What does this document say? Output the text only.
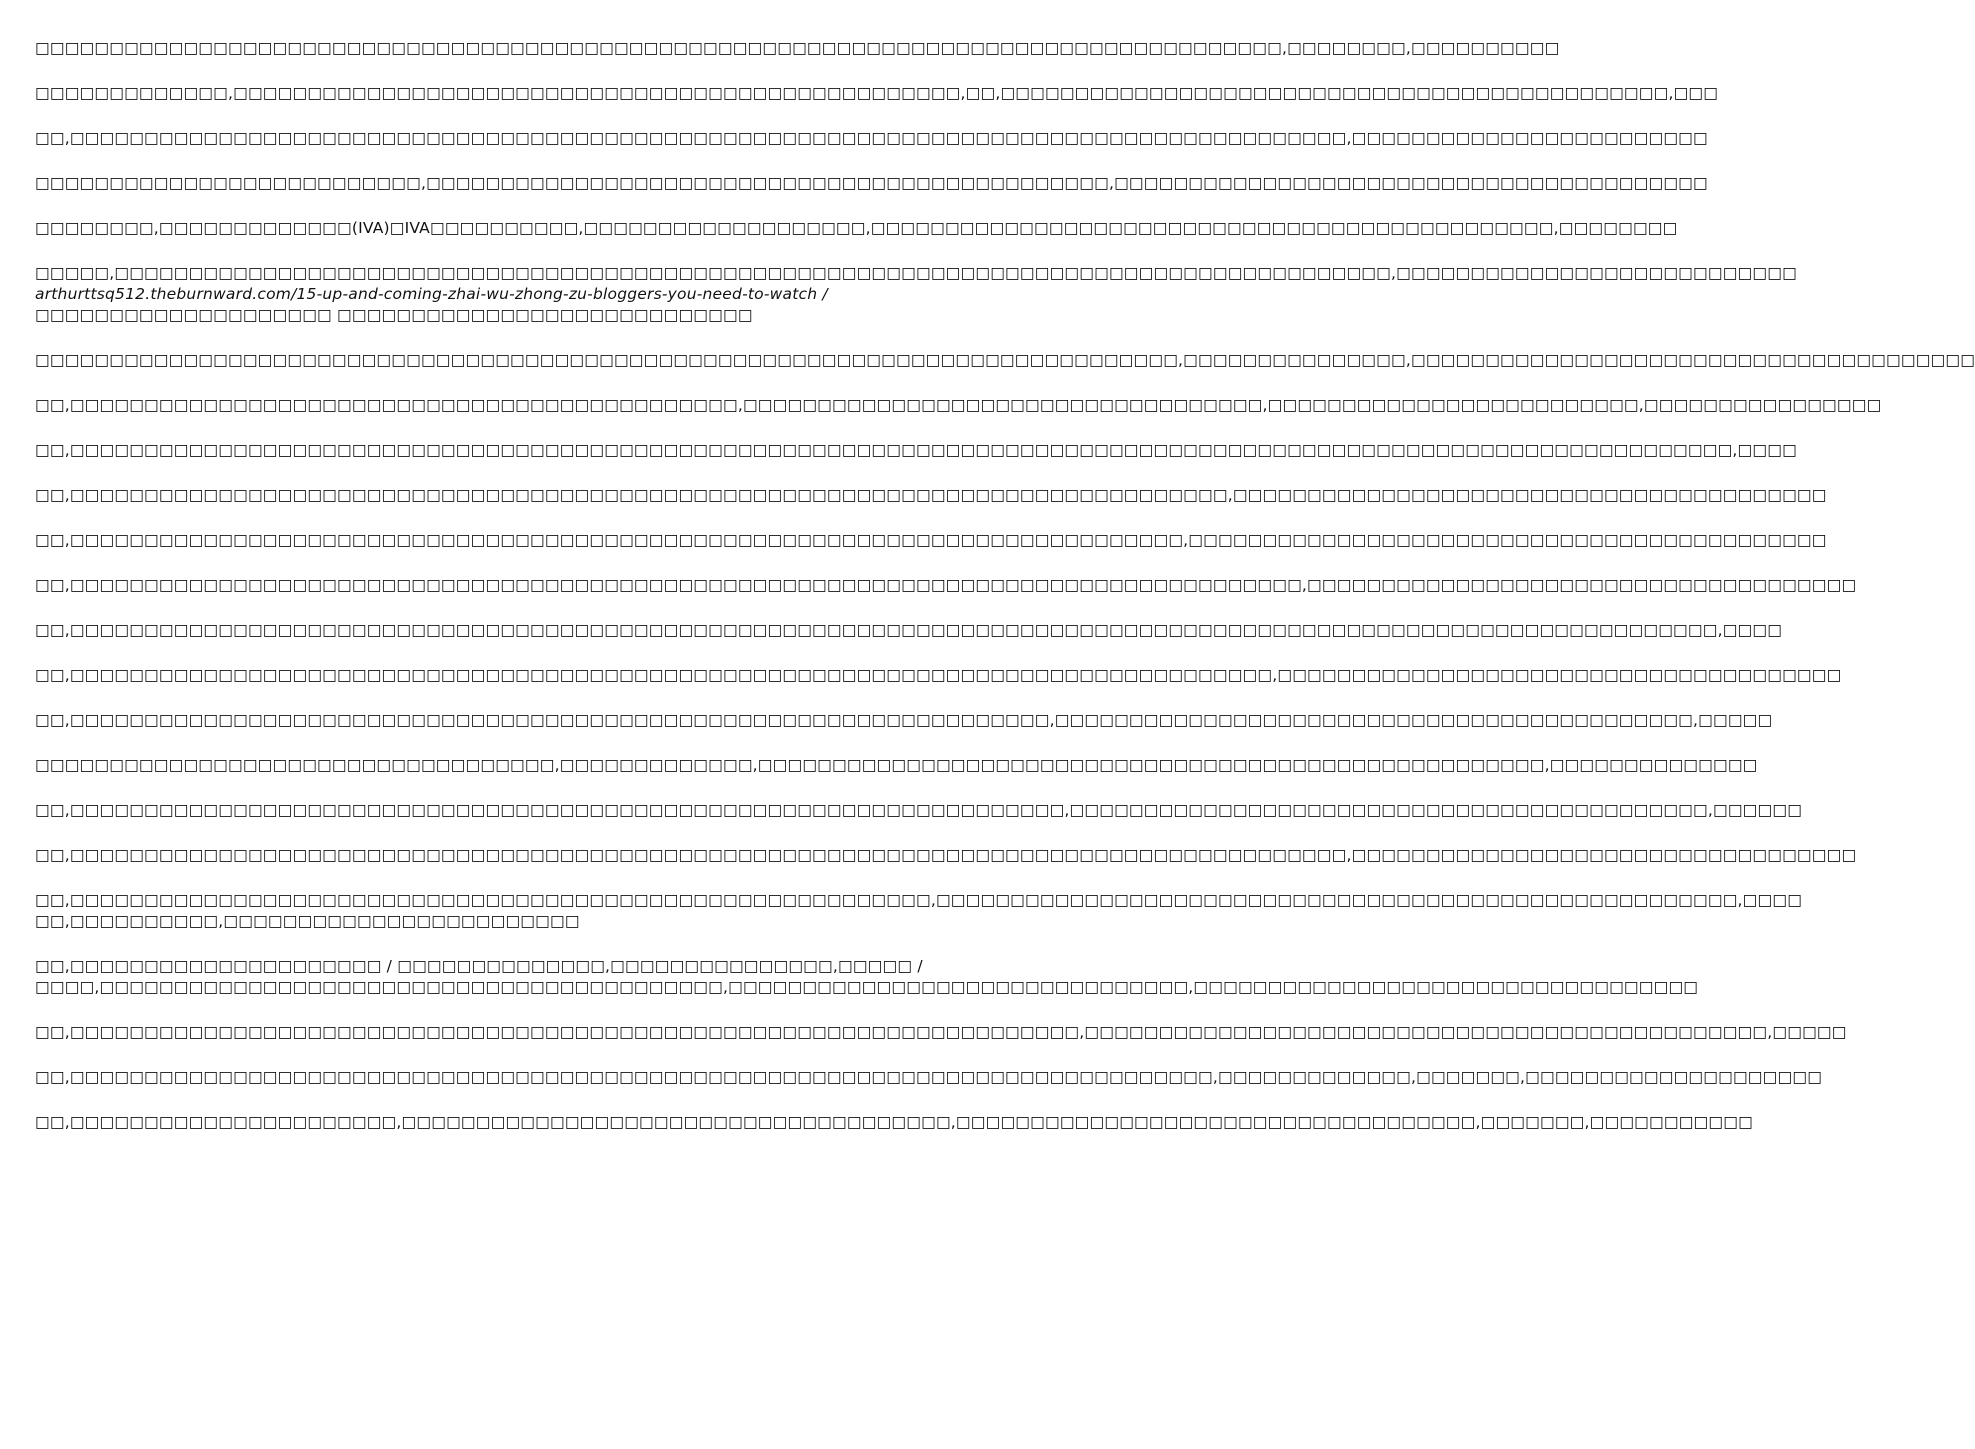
□□□□□□□□□□□□□□□□□□□□□□□□□□□□□□□□□□□□□□□□□□□□□□□□□□□□□□□□□□□□□□□□□□□□□□□□□□□□□□□□□□□□,□□□□□□□□,□□□□□□□□□□
□□□□□□□□□□□□□,□□□□□□□□□□□□□□□□□□□□□□□□□□□□□□□□□□□□□□□□□□□□□□□□□,□□,□□□□□□□□□□□□□□□□□□□□□□□□□□□□□□□□□□□□□□□□□□□□□,□□□
□□,□□□□□□□□□□□□□□□□□□□□□□□□□□□□□□□□□□□□□□□□□□□□□□□□□□□□□□□□□□□□□□□□□□□□□□□□□□□□□□□□□□□□□□,□□□□□□□□□□□□□□□□□□□□□□□□
□□□□□□□□□□□□□□□□□□□□□□□□□□,□□□□□□□□□□□□□□□□□□□□□□□□□□□□□□□□□□□□□□□□□□□□□□,□□□□□□□□□□□□□□□□□□□□□□□□□□□□□□□□□□□□□□□□
□□□□□□□□,□□□□□□□□□□□□□(IVA)□IVA□□□□□□□□□□,□□□□□□□□□□□□□□□□□□□,□□□□□□□□□□□□□□□□□□□□□□□□□□□□□□□□□□□□□□□□□□□□□□,□□□□□□□□
□□□□□,□□□□□□□□□□□□□□□□□□□□□□□□□□□□□□□□□□□□□□□□□□□□□□□□□□□□□□□□□□□□□□□□□□□□□□□□□□□□□□□□□□□□□□,□□□□□□□□□□□□□□□□□□□□□□□□□□□
arthurttsq512.theburnward.com/15-up-and-coming-zhai-wu-zhong-zu-bloggers-you-need-to-watch /
□□□□□□□□□□□□□□□□□□□□ □□□□□□□□□□□□□□□□□□□□□□□□□□□□
□□□□□□□□□□□□□□□□□□□□□□□□□□□□□□□□□□□□□□□□□□□□□□□□□□□□□□□□□□□□□□□□□□□□□□□□□□□□□,□□□□□□□□□□□□□□□,□□□□□□□□□□□□□□□□□□□□□□□□□□□□□□□□□□□□□□
□□,□□□□□□□□□□□□□□□□□□□□□□□□□□□□□□□□□□□□□□□□□□□□□,□□□□□□□□□□□□□□□□□□□□□□□□□□□□□□□□□□□,□□□□□□□□□□□□□□□□□□□□□□□□□,□□□□□□□□□□□□□□□□
□□,□□□□□□□□□□□□□□□□□□□□□□□□□□□□□□□□□□□□□□□□□□□□□□□□□□□□□□□□□□□□□□□□□□□□□□□□□□□□□□□□□□□□□□□□□□□□□□□□□□□□□□□□□□□□□□□□,□□□□
□□,□□□□□□□□□□□□□□□□□□□□□□□□□□□□□□□□□□□□□□□□□□□□□□□□□□□□□□□□□□□□□□□□□□□□□□□□□□□□□□,□□□□□□□□□□□□□□□□□□□□□□□□□□□□□□□□□□□□□□□□
□□,□□□□□□□□□□□□□□□□□□□□□□□□□□□□□□□□□□□□□□□□□□□□□□□□□□□□□□□□□□□□□□□□□□□□□□□□□□□,□□□□□□□□□□□□□□□□□□□□□□□□□□□□□□□□□□□□□□□□□□□
□□,□□□□□□□□□□□□□□□□□□□□□□□□□□□□□□□□□□□□□□□□□□□□□□□□□□□□□□□□□□□□□□□□□□□□□□□□□□□□□□□□□□□,□□□□□□□□□□□□□□□□□□□□□□□□□□□□□□□□□□□□□
□□,□□□□□□□□□□□□□□□□□□□□□□□□□□□□□□□□□□□□□□□□□□□□□□□□□□□□□□□□□□□□□□□□□□□□□□□□□□□□□□□□□□□□□□□□□□□□□□□□□□□□□□□□□□□□□□□,□□□□
□□,□□□□□□□□□□□□□□□□□□□□□□□□□□□□□□□□□□□□□□□□□□□□□□□□□□□□□□□□□□□□□□□□□□□□□□□□□□□□□□□□□,□□□□□□□□□□□□□□□□□□□□□□□□□□□□□□□□□□□□□□
□□,□□□□□□□□□□□□□□□□□□□□□□□□□□□□□□□□□□□□□□□□□□□□□□□□□□□□□□□□□□□□□□□□□□,□□□□□□□□□□□□□□□□□□□□□□□□□□□□□□□□□□□□□□□□□□□,□□□□□
□□□□□□□□□□□□□□□□□□□□□□□□□□□□□□□□□□□,□□□□□□□□□□□□□,□□□□□□□□□□□□□□□□□□□□□□□□□□□□□□□□□□□□□□□□□□□□□□□□□□□□□,□□□□□□□□□□□□□□
□□,□□□□□□□□□□□□□□□□□□□□□□□□□□□□□□□□□□□□□□□□□□□□□□□□□□□□□□□□□□□□□□□□□□□,□□□□□□□□□□□□□□□□□□□□□□□□□□□□□□□□□□□□□□□□□□□,□□□□□□
□□,□□□□□□□□□□□□□□□□□□□□□□□□□□□□□□□□□□□□□□□□□□□□□□□□□□□□□□□□□□□□□□□□□□□□□□□□□□□□□□□□□□□□□□,□□□□□□□□□□□□□□□□□□□□□□□□□□□□□□□□□□
□□,□□□□□□□□□□□□□□□□□□□□□□□□□□□□□□□□□□□□□□□□□□□□□□□□□□□□□□□□□□,□□□□□□□□□□□□□□□□□□□□□□□□□□□□□□□□□□□□□□□□□□□□□□□□□□□□□□,□□□□
□□,□□□□□□□□□□,□□□□□□□□□□□□□□□□□□□□□□□□
□□,□□□□□□□□□□□□□□□□□□□□□ / □□□□□□□□□□□□□□,□□□□□□□□□□□□□□□,□□□□□ /
□□□□,□□□□□□□□□□□□□□□□□□□□□□□□□□□□□□□□□□□□□□□□□□,□□□□□□□□□□□□□□□□□□□□□□□□□□□□□□□,□□□□□□□□□□□□□□□□□□□□□□□□□□□□□□□□□□
□□,□□□□□□□□□□□□□□□□□□□□□□□□□□□□□□□□□□□□□□□□□□□□□□□□□□□□□□□□□□□□□□□□□□□□,□□□□□□□□□□□□□□□□□□□□□□□□□□□□□□□□□□□□□□□□□□□□□□,□□□□□
□□,□□□□□□□□□□□□□□□□□□□□□□□□□□□□□□□□□□□□□□□□□□□□□□□□□□□□□□□□□□□□□□□□□□□□□□□□□□□□□,□□□□□□□□□□□□□,□□□□□□□,□□□□□□□□□□□□□□□□□□□□
□□,□□□□□□□□□□□□□□□□□□□□□□,□□□□□□□□□□□□□□□□□□□□□□□□□□□□□□□□□□□□□,□□□□□□□□□□□□□□□□□□□□□□□□□□□□□□□□□□□,□□□□□□□,□□□□□□□□□□□
